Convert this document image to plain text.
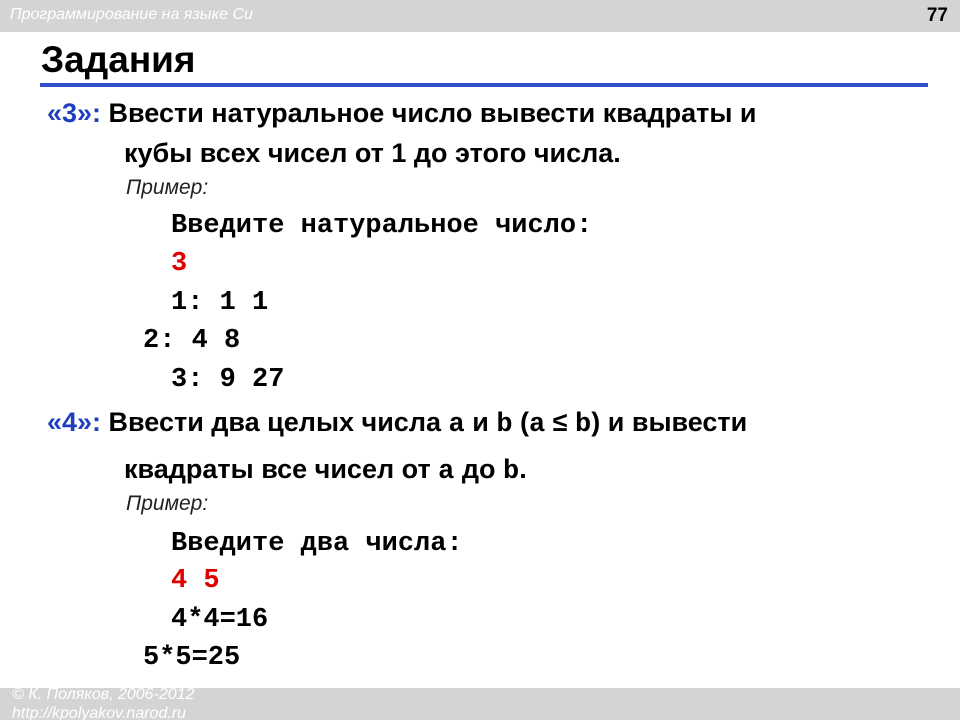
Программирование на языке Си	77
Задания
«3»: Ввести натуральное число вывести квадраты и
кубы всех чисел от 1 до этого числа.
Пример:
Введите натуральное число:
3
1: 1 1
2: 4 8
3: 9 27
«4»: Ввести два целых числа a и b (a ≤ b) и вывести
квадраты все чисел от a до b.
Пример:
Введите два числа:
4 5
4*4=16
5*5=25
© К. Поляков, 2006-2012
http://kpolyakov.narod.ru
